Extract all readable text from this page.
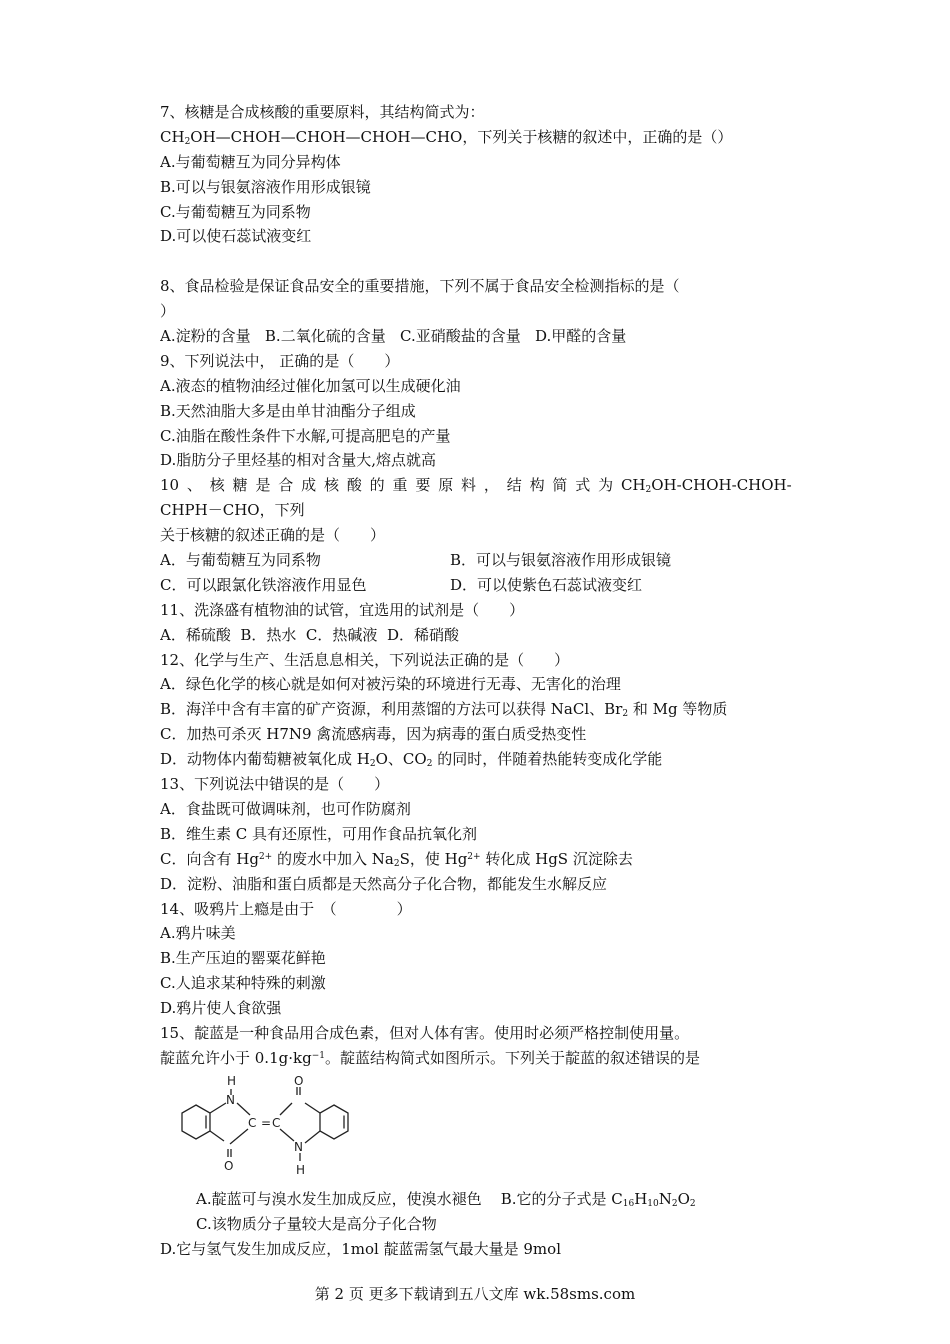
7、核糖是合成核酸的重要原料，其结构简式为：
$CH_2OH—CHOH—CHOH—CHOH—CHO$，下列关于核糖的叙述中，正确的是（）
A.与葡萄糖互为同分异构体
B.可以与银氨溶液作用形成银镜
C.与葡萄糖互为同系物
D.可以使石蕊试液变红
8、食品检验是保证食品安全的重要措施，下列不属于食品安全检测指标的是（
）
A.淀粉的含量   B.二氧化硫的含量   C.亚硝酸盐的含量   D.甲醛的含量
9、下列说法中， 正确的是（　　）
A.液态的植物油经过催化加氢可以生成硬化油
B.天然油脂大多是由单甘油酯分子组成
C.油脂在酸性条件下水解,可提高肥皂的产量
D.脂肪分子里烃基的相对含量大,熔点就高
10 、 核 糖 是 合 成 核 酸 的 重 要 原 料 ， 结 构 简 式 为 $CH_2OH-CHOH-CHOH-$
CHPH－CHO，下列
关于核糖的叙述正确的是（　　）
A．与葡萄糖互为同系物	B．可以与银氨溶液作用形成银镜
C．可以跟氯化铁溶液作用显色	D．可以使紫色石蕊试液变红
11、洗涤盛有植物油的试管，宜选用的试剂是（　　）
A．稀硫酸  B．热水  C．热碱液  D．稀硝酸
12、化学与生产、生活息息相关，下列说法正确的是（　　）
A．绿色化学的核心就是如何对被污染的环境进行无毒、无害化的治理
B．海洋中含有丰富的矿产资源，利用蒸馏的方法可以获得 NaCl、$Br_2$ 和 Mg 等物质
C．加热可杀灭 H7N9 禽流感病毒，因为病毒的蛋白质受热变性
D．动物体内葡萄糖被氧化成 $H_2O$、$CO_2$ 的同时，伴随着热能转变成化学能
13、下列说法中错误的是（　　）
A．食盐既可做调味剂，也可作防腐剂
B．维生素 C 具有还原性，可用作食品抗氧化剂
C．向含有 $Hg^{2+}$ 的废水中加入 $Na_2S$，使 $Hg^{2+}$ 转化成 HgS 沉淀除去
D．淀粉、油脂和蛋白质都是天然高分子化合物，都能发生水解反应
14、吸鸦片上瘾是由于　（　　　　）
A.鸦片味美
B.生产压迫的罂粟花鲜艳
C.人追求某种特殊的刺激
D.鸦片使人食欲强
15、靛蓝是一种食品用合成色素，但对人体有害。使用时必须严格控制使用量。
靛蓝允许小于 $0.1g\cdot kg^{-1}$。靛蓝结构简式如图所示。下列关于靛蓝的叙述错误的是
H
N
O
C = C
O
N
H
A.靛蓝可与溴水发生加成反应，使溴水褪色 B.它的分子式是 $C_{16}H_{10}N_2O_2$
C.该物质分子量较大是高分子化合物
D.它与氢气发生加成反应，1mol 靛蓝需氢气最大量是 9mol
第 2 页 更多下载请到五八文库 wk.58sms.com
